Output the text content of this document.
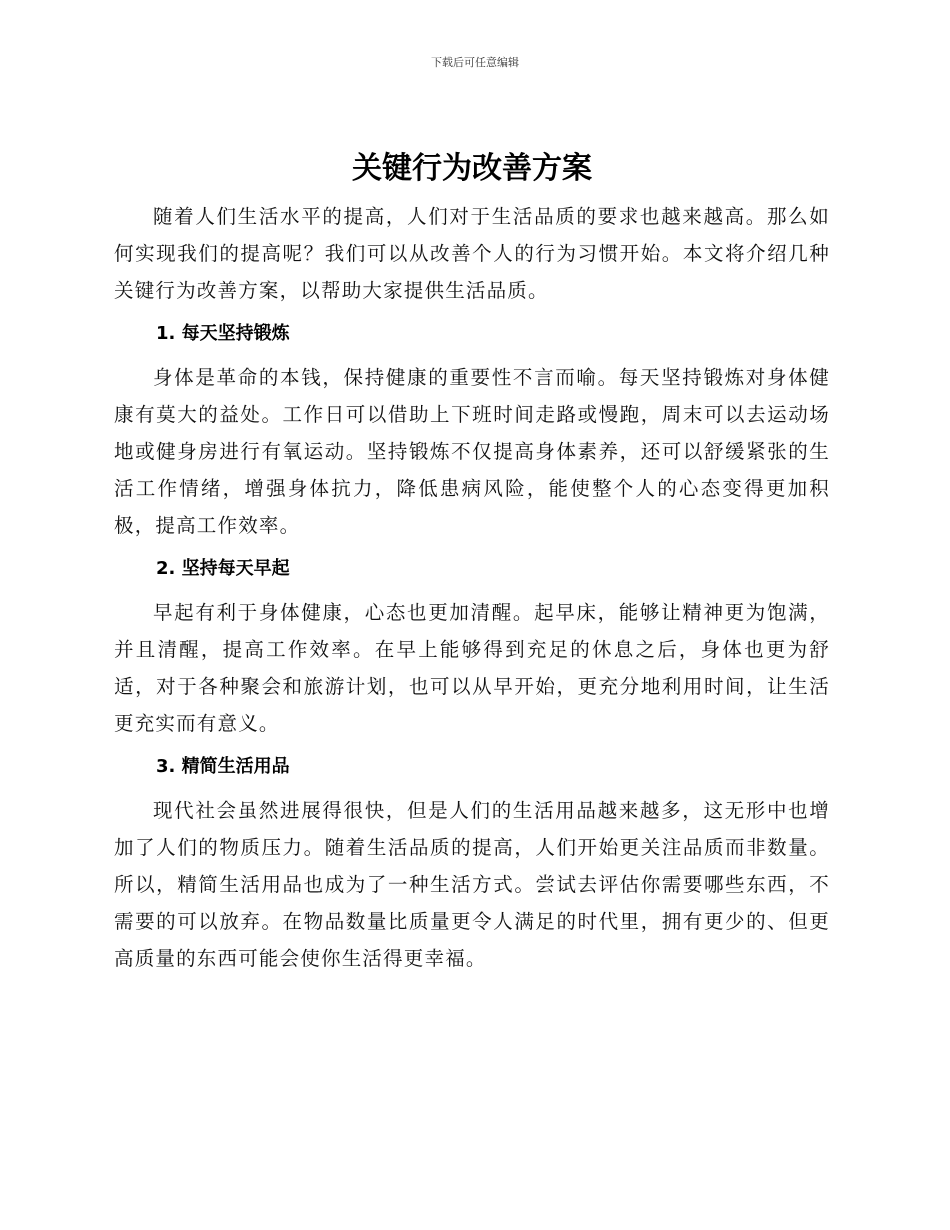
下载后可任意编辑
关键行为改善方案

随着人们生活水平的提高，人们对于生活品质的要求也越来越高。那么如何实现我们的提高呢？我们可以从改善个人的行为习惯开始。本文将介绍几种关键行为改善方案，以帮助大家提供生活品质。

1. 每天坚持锻炼

身体是革命的本钱，保持健康的重要性不言而喻。每天坚持锻炼对身体健康有莫大的益处。工作日可以借助上下班时间走路或慢跑，周末可以去运动场地或健身房进行有氧运动。坚持锻炼不仅提高身体素养，还可以舒缓紧张的生活工作情绪，增强身体抗力，降低患病风险，能使整个人的心态变得更加积极，提高工作效率。

2. 坚持每天早起

早起有利于身体健康，心态也更加清醒。起早床，能够让精神更为饱满，并且清醒，提高工作效率。在早上能够得到充足的休息之后，身体也更为舒适，对于各种聚会和旅游计划，也可以从早开始，更充分地利用时间，让生活更充实而有意义。

3. 精简生活用品

现代社会虽然进展得很快，但是人们的生活用品越来越多，这无形中也增加了人们的物质压力。随着生活品质的提高，人们开始更关注品质而非数量。所以，精简生活用品也成为了一种生活方式。尝试去评估你需要哪些东西，不需要的可以放弃。在物品数量比质量更令人满足的时代里，拥有更少的、但更高质量的东西可能会使你生活得更幸福。
